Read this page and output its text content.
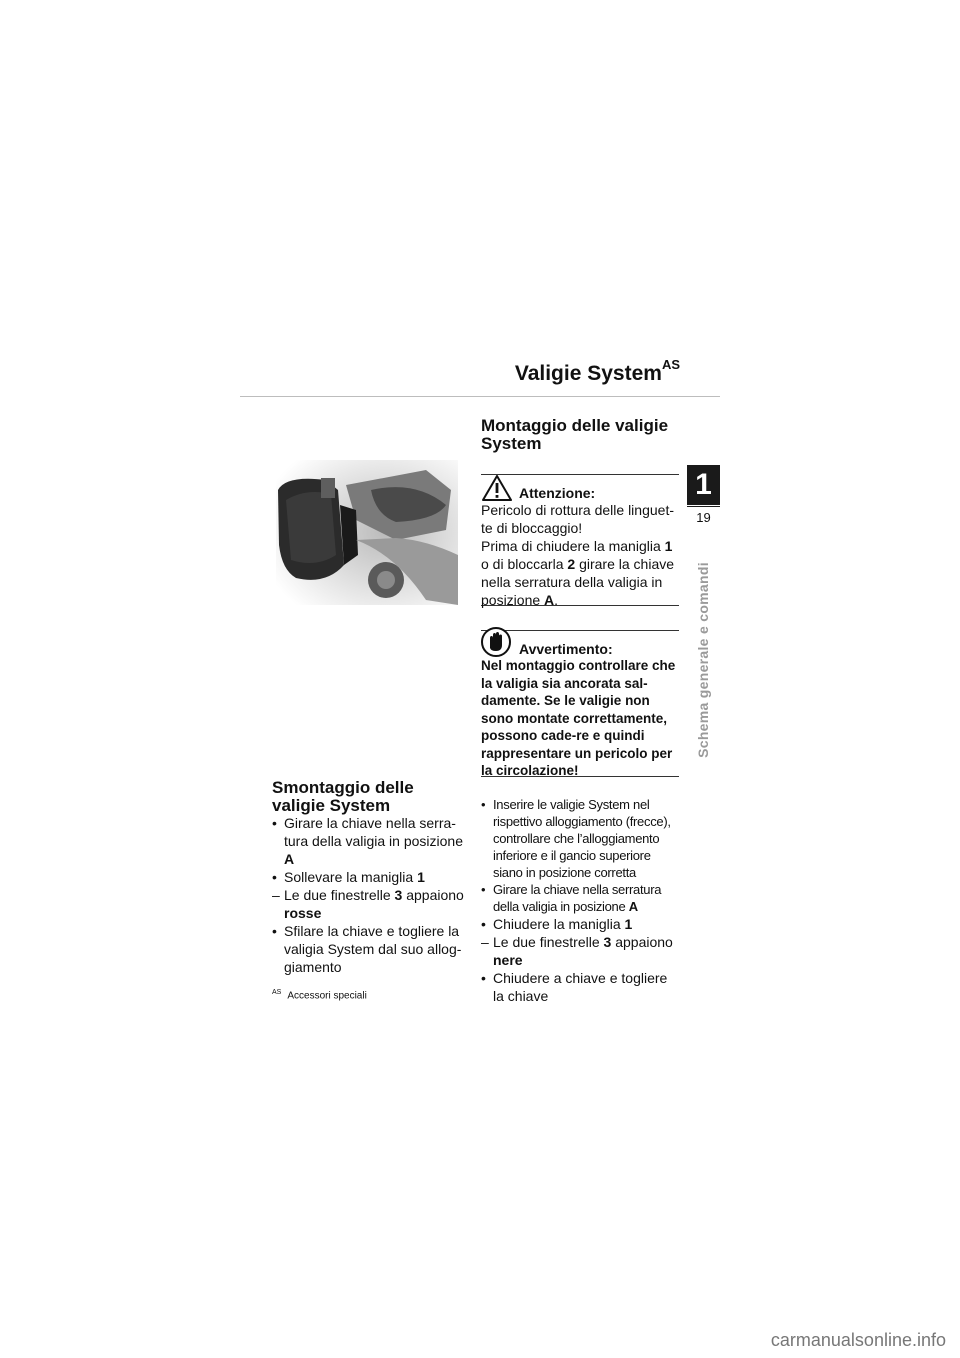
Valigie System$^{AS}$
Smontaggio delle valigie System
• Girare la chiave nella serra-tura della valigia in posizione A
• Sollevare la maniglia 1
– Le due finestrelle 3 appaiono rosse
• Sfilare la chiave e togliere la valigia System dal suo allog-giamento
$^{AS}$ Accessori speciali
Montaggio delle valigie System
Attenzione:
Pericolo di rottura delle linguet-te di bloccaggio!
Prima di chiudere la maniglia 1 o di bloccarla 2 girare la chiave nella serratura della valigia in posizione A.
Avvertimento:
Nel montaggio controllare che la valigia sia ancorata sal-damente. Se le valigie non sono montate correttamente, possono cade-re e quindi rappresentare un pericolo per la circolazione!
• Inserire le valigie System nel rispettivo alloggiamento (frecce), controllare che l’alloggiamento inferiore e il gancio superiore siano in posizione corretta
• Girare la chiave nella serratura della valigia in posizione A
• Chiudere la maniglia 1
– Le due finestrelle 3 appaiono nere
• Chiudere a chiave e togliere la chiave
1
19
Schema generale e comandi
carmanualsonline.info
